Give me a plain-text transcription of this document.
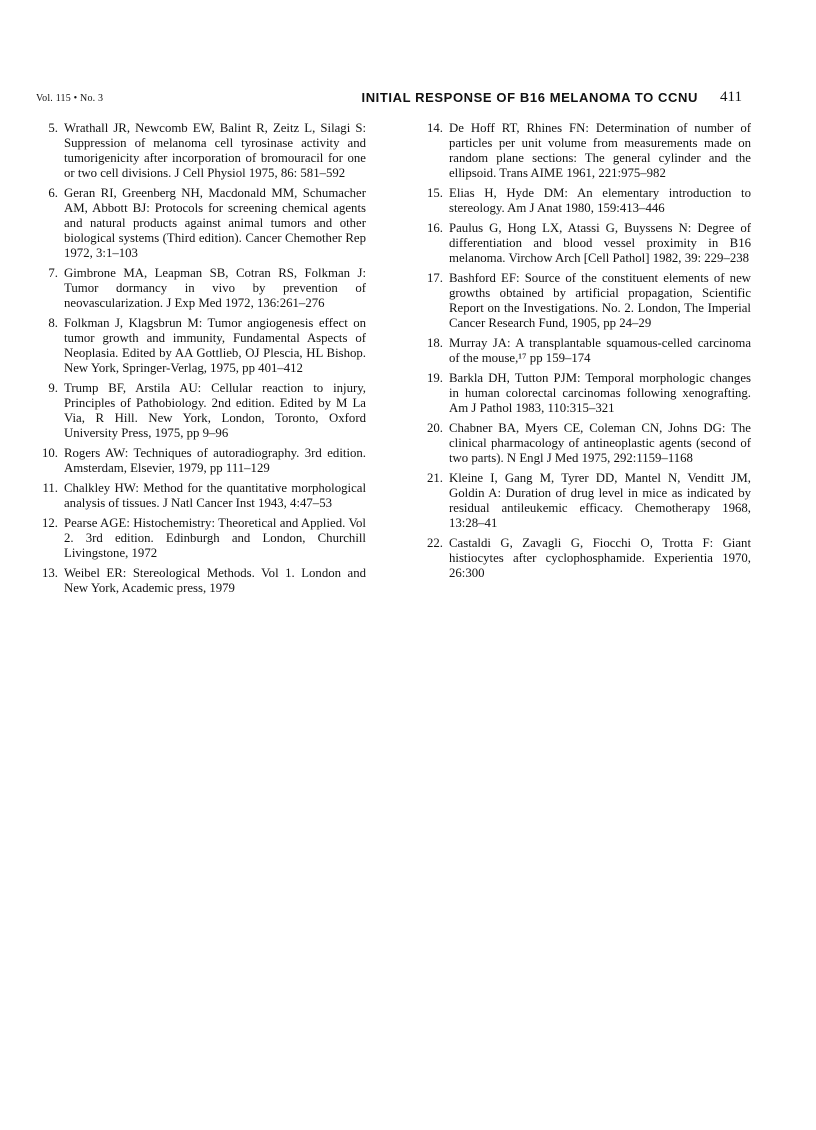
Vol. 115 • No. 3	INITIAL RESPONSE OF B16 MELANOMA TO CCNU 411
5. Wrathall JR, Newcomb EW, Balint R, Zeitz L, Silagi S: Suppression of melanoma cell tyrosinase activity and tumorigenicity after incorporation of bromouracil for one or two cell divisions. J Cell Physiol 1975, 86: 581–592
6. Geran RI, Greenberg NH, Macdonald MM, Schumacher AM, Abbott BJ: Protocols for screening chemical agents and natural products against animal tumors and other biological systems (Third edition). Cancer Chemother Rep 1972, 3:1–103
7. Gimbrone MA, Leapman SB, Cotran RS, Folkman J: Tumor dormancy in vivo by prevention of neovascularization. J Exp Med 1972, 136:261–276
8. Folkman J, Klagsbrun M: Tumor angiogenesis effect on tumor growth and immunity, Fundamental Aspects of Neoplasia. Edited by AA Gottlieb, OJ Plescia, HL Bishop. New York, Springer-Verlag, 1975, pp 401–412
9. Trump BF, Arstila AU: Cellular reaction to injury, Principles of Pathobiology. 2nd edition. Edited by M La Via, R Hill. New York, London, Toronto, Oxford University Press, 1975, pp 9–96
10. Rogers AW: Techniques of autoradiography. 3rd edition. Amsterdam, Elsevier, 1979, pp 111–129
11. Chalkley HW: Method for the quantitative morphological analysis of tissues. J Natl Cancer Inst 1943, 4:47–53
12. Pearse AGE: Histochemistry: Theoretical and Applied. Vol 2. 3rd edition. Edinburgh and London, Churchill Livingstone, 1972
13. Weibel ER: Stereological Methods. Vol 1. London and New York, Academic press, 1979
14. De Hoff RT, Rhines FN: Determination of number of particles per unit volume from measurements made on random plane sections: The general cylinder and the ellipsoid. Trans AIME 1961, 221:975–982
15. Elias H, Hyde DM: An elementary introduction to stereology. Am J Anat 1980, 159:413–446
16. Paulus G, Hong LX, Atassi G, Buyssens N: Degree of differentiation and blood vessel proximity in B16 melanoma. Virchow Arch [Cell Pathol] 1982, 39: 229–238
17. Bashford EF: Source of the constituent elements of new growths obtained by artificial propagation, Scientific Report on the Investigations. No. 2. London, The Imperial Cancer Research Fund, 1905, pp 24–29
18. Murray JA: A transplantable squamous-celled carcinoma of the mouse,¹⁷ pp 159–174
19. Barkla DH, Tutton PJM: Temporal morphologic changes in human colorectal carcinomas following xenografting. Am J Pathol 1983, 110:315–321
20. Chabner BA, Myers CE, Coleman CN, Johns DG: The clinical pharmacology of antineoplastic agents (second of two parts). N Engl J Med 1975, 292:1159–1168
21. Kleine I, Gang M, Tyrer DD, Mantel N, Venditt JM, Goldin A: Duration of drug level in mice as indicated by residual antileukemic efficacy. Chemotherapy 1968, 13:28–41
22. Castaldi G, Zavagli G, Fiocchi O, Trotta F: Giant histiocytes after cyclophosphamide. Experientia 1970, 26:300
